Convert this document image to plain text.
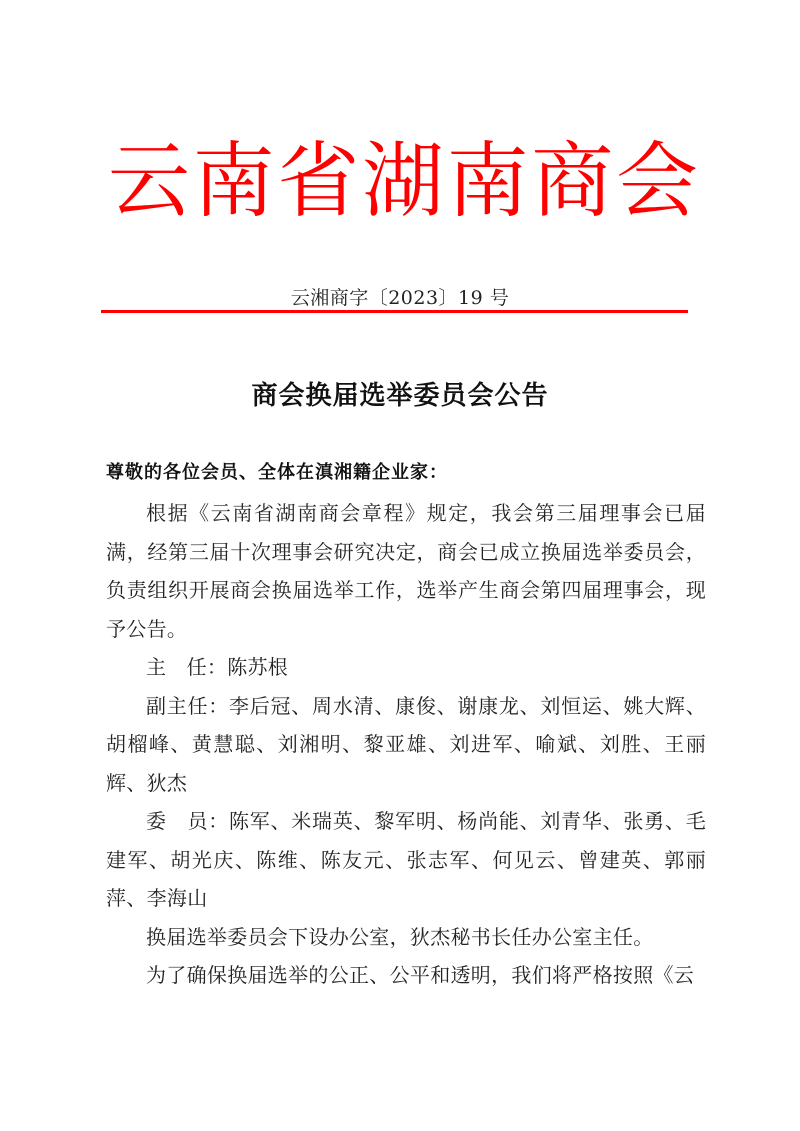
云 南 省 湖 南 商 会
云湘商字〔2023〕19 号
商会换届选举委员会公告
尊敬的各位会员、全体在滇湘籍企业家：

根据《云南省湖南商会章程》规定，我会第三届理事会已届满，经第三届十次理事会研究决定，商会已成立换届选举委员会，负责组织开展商会换届选举工作，选举产生商会第四届理事会，现予公告。

主　任：陈苏根

副主任：李后冠、周水清、康俊、谢康龙、刘恒运、姚大辉、胡榴峰、黄慧聪、刘湘明、黎亚雄、刘进军、喻斌、刘胜、王丽辉、狄杰

委　员：陈军、米瑞英、黎军明、杨尚能、刘青华、张勇、毛建军、胡光庆、陈维、陈友元、张志军、何见云、曾建英、郭丽萍、李海山

换届选举委员会下设办公室，狄杰秘书长任办公室主任。

为了确保换届选举的公正、公平和透明，我们将严格按照《云
